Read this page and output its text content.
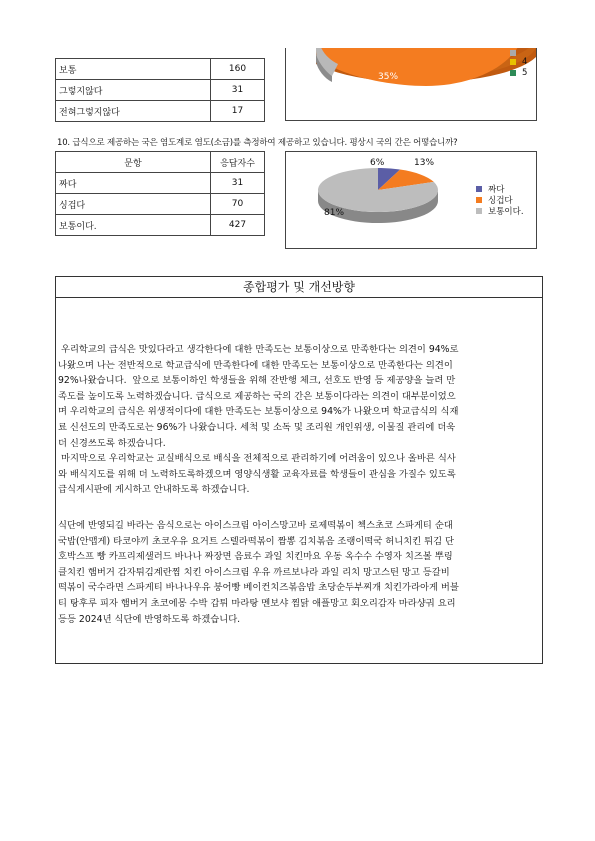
보통	160
그렇지않다	31
전혀그렇지않다	17
35%
4
5
10. 급식으로 제공하는 국은 염도계로 염도(소금)를 측정하여 제공하고 있습니다. 평상시 국의 간은 어떻습니까?
문항	응답자수
짜다	31
싱겁다	70
보통이다.	427
6%	13%
81%
짜다
싱겁다
보통이다.
종합평가 및 개선방향
우리학교의 급식은 맛있다라고 생각한다에 대한 만족도는 보통이상으로 만족한다는 의견이 94%로
나왔으며 나는 전반적으로 학교급식에 만족한다에 대한 만족도는 보통이상으로 만족한다는 의견이
92%나왔습니다.  앞으로 보통이하인 학생들을 위해 잔반행 체크, 선호도 반영 등 제공양을 늘려 만
족도를 높이도록 노력하겠습니다. 급식으로 제공하는 국의 간은 보통이다라는 의견이 대부분이었으
며 우리학교의 급식은 위생적이다에 대한 만족도는 보통이상으로 94%가 나왔으며 학교급식의 식재
료 신선도의 만족도로는 96%가 나왔습니다. 세척 및 소독 및 조리원 개인위생, 이물질 관리에 더욱
더 신경쓰도록 하겠습니다.
마지막으로 우리학교는 교실배식으로 배식을 전체적으로 관리하기에 어려움이 있으나 올바른 식사
와 배식지도를 위해 더 노력하도록하겠으며 영양식생활 교육자료를 학생들이 관심을 가질수 있도록
급식게시판에 게시하고 안내하도록 하겠습니다.
식단에 반영되길 바라는 음식으로는 아이스크림 아이스망고바 로제떡볶이 첵스초코 스파게티 순대
국밥(안맵게) 타코야끼 초코우유 요거트 스텔라떡볶이 짬뽕 김치볶음 조랭이떡국 허니치킨 튀김 단
호박스프 빵 카프리제샐러드 바나나 짜장면 음료수 과일 치킨마요 우동 옥수수 수영자 치즈볼 뿌링
클치킨 햄버거 감자튀김계란찜 치킨 아이스크림 우유 까르보나라 과일 리치 망고스틴 망고 등갈비
떡볶이 국수라면 스파게티 바나나우유 붕어빵 베이컨치즈볶음밥 초당순두부찌개 치킨가라아게 버블
티 탕후루 피자 햄버거 초코에몽 수박 갑튀 마라탕 멘보샤 찜닭 애플망고 회오리감자 마라샹궈 요리
등등 2024년 식단에 반영하도록 하겠습니다.
